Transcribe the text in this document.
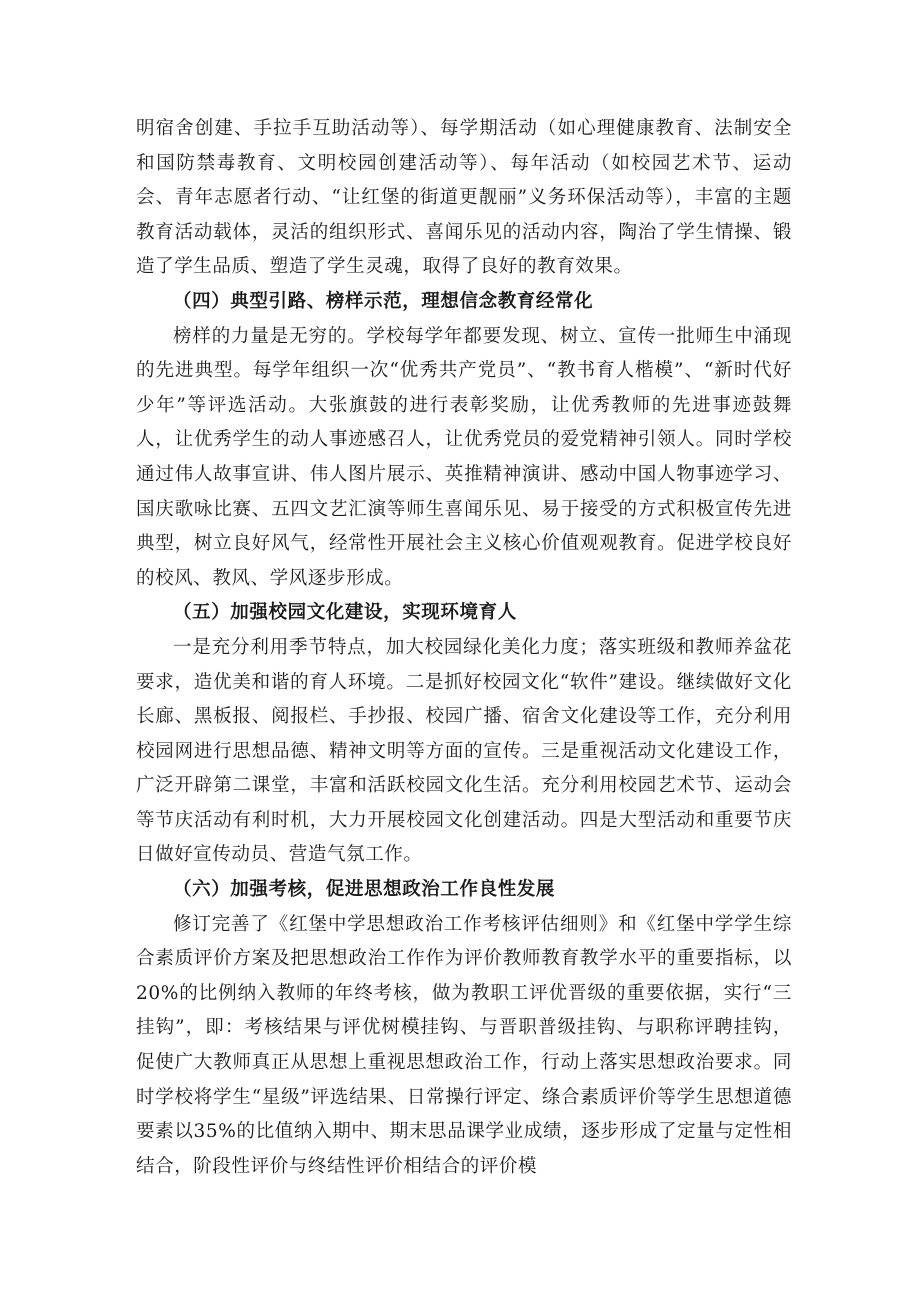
明宿舍创建、手拉手互助活动等）、每学期活动（如心理健康教育、法制安全和国防禁毒教育、文明校园创建活动等）、每年活动（如校园艺术节、运动会、青年志愿者行动、“让红堡的街道更靓丽”义务环保活动等），丰富的主题教育活动载体，灵活的组织形式、喜闻乐见的活动内容，陶治了学生情操、锻造了学生品质、塑造了学生灵魂，取得了良好的教育效果。

（四）典型引路、榜样示范，理想信念教育经常化

榜样的力量是无穷的。学校每学年都要发现、树立、宣传一批师生中涌现的先进典型。每学年组织一次“优秀共产党员”、“教书育人楷模”、“新时代好少年”等评选活动。大张旗鼓的进行表彰奖励，让优秀教师的先进事迹鼓舞人，让优秀学生的动人事迹感召人，让优秀党员的爱党精神引领人。同时学校通过伟人故事宣讲、伟人图片展示、英推精神演讲、感动中国人物事迹学习、国庆歌咏比赛、五四文艺汇演等师生喜闻乐见、易于接受的方式积极宣传先进典型，树立良好风气，经常性开展社会主义核心价值观观教育。促进学校良好的校风、教风、学风逐步形成。

（五）加强校园文化建设，实现环境育人

一是充分利用季节特点，加大校园绿化美化力度；落实班级和教师养盆花要求，造优美和谐的育人环境。二是抓好校园文化“软件”建设。继续做好文化长廊、黑板报、阅报栏、手抄报、校园广播、宿舍文化建设等工作，充分利用校园网进行思想品德、精神文明等方面的宣传。三是重视活动文化建设工作，广泛开辟第二课堂，丰富和活跃校园文化生活。充分利用校园艺术节、运动会等节庆活动有利时机，大力开展校园文化创建活动。四是大型活动和重要节庆日做好宣传动员、营造气氛工作。

（六）加强考核，促进思想政治工作良性发展

修订完善了《红堡中学思想政治工作考核评估细则》和《红堡中学学生综合素质评价方案及把思想政治工作作为评价教师教育教学水平的重要指标，以20%的比例纳入教师的年终考核，做为教职工评优晋级的重要依据，实行“三挂钩”，即：考核结果与评优树模挂钩、与晋职普级挂钩、与职称评聘挂钩，促使广大教师真正从思想上重视思想政治工作，行动上落实思想政治要求。同时学校将学生“星级”评选结果、日常操行评定、绦合素质评价等学生思想道德要素以35%的比值纳入期中、期末思品课学业成绩，逐步形成了定量与定性相结合，阶段性评价与终结性评价相结合的评价模
